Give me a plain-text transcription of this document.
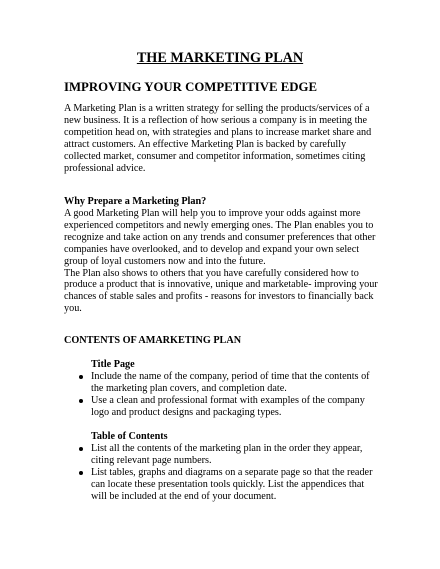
THE MARKETING PLAN
IMPROVING YOUR COMPETITIVE EDGE

A Marketing Plan is a written strategy for selling the products/services of a new business. It is a reflection of how serious a company is in meeting the competition head on, with strategies and plans to increase market share and attract customers. An effective Marketing Plan is backed by carefully collected market, consumer and competitor information, sometimes citing professional advice.

Why Prepare a Marketing Plan?

A good Marketing Plan will help you to improve your odds against more experienced competitors and newly emerging ones. The Plan enables you to recognize and take action on any trends and consumer preferences that other companies have overlooked, and to develop and expand your own select group of loyal customers now and into the future.

The Plan also shows to others that you have carefully considered how to produce a product that is innovative, unique and marketable- improving your chances of stable sales and profits - reasons for investors to financially back you.

CONTENTS OF AMARKETING PLAN
Title Page
Include the name of the company, period of time that the contents of the marketing plan covers, and completion date.
Use a clean and professional format with examples of the company logo and product designs and packaging types.
Table of Contents
List all the contents of the marketing plan in the order they appear, citing relevant page numbers.
List tables, graphs and diagrams on a separate page so that the reader can locate these presentation tools quickly. List the appendices that will be included at the end of your document.
